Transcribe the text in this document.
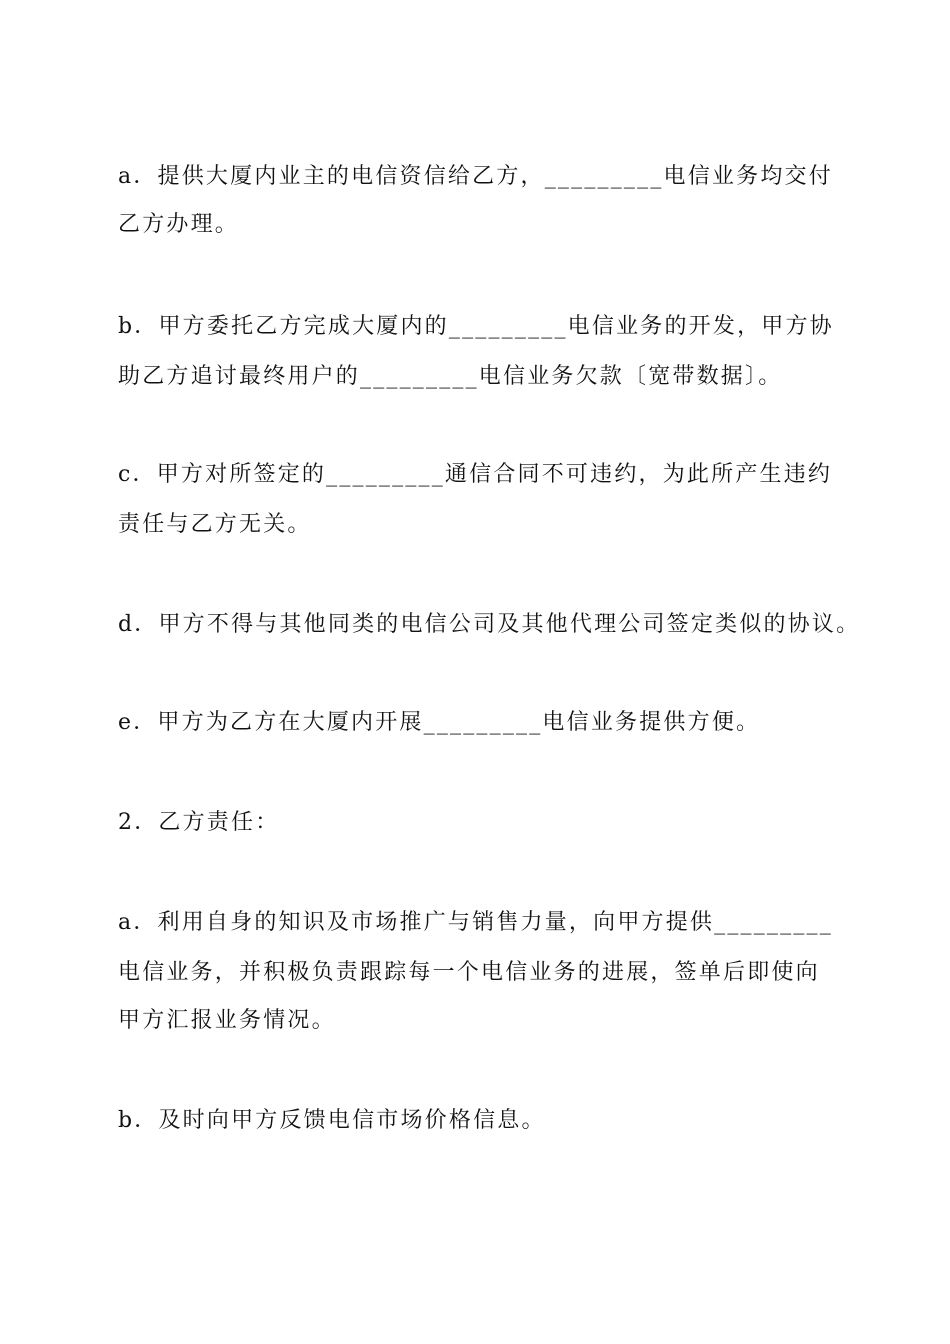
a．提供大厦内业主的电信资信给乙方，_________电信业务均交付
乙方办理。
b．甲方委托乙方完成大厦内的_________电信业务的开发，甲方协
助乙方追讨最终用户的_________电信业务欠款〔宽带数据〕。
c．甲方对所签定的_________通信合同不可违约，为此所产生违约
责任与乙方无关。
d．甲方不得与其他同类的电信公司及其他代理公司签定类似的协议。
e．甲方为乙方在大厦内开展_________电信业务提供方便。
2．乙方责任：
a．利用自身的知识及市场推广与销售力量，向甲方提供_________
电信业务，并积极负责跟踪每一个电信业务的进展，签单后即使向
甲方汇报业务情况。
b．及时向甲方反馈电信市场价格信息。
